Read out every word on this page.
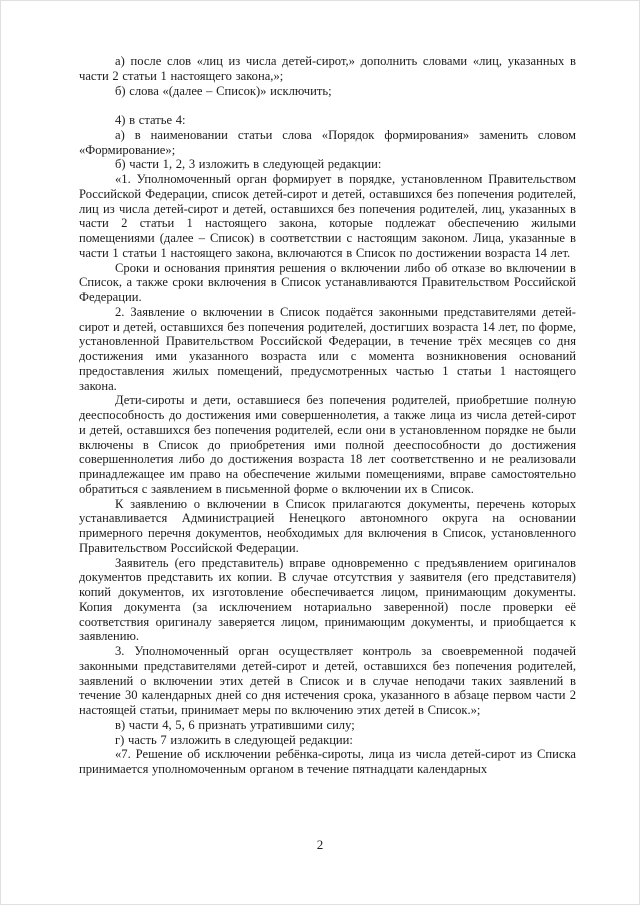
а) после слов «лиц из числа детей-сирот,» дополнить словами «лиц, указанных в части 2 статьи 1 настоящего закона,»;

б) слова «(далее – Список)» исключить;

4) в статье 4:

а) в наименовании статьи слова «Порядок формирования» заменить словом «Формирование»;

б) части 1, 2, 3 изложить в следующей редакции:

«1. Уполномоченный орган формирует в порядке, установленном Правительством Российской Федерации, список детей-сирот и детей, оставшихся без попечения родителей, лиц из числа детей-сирот и детей, оставшихся без попечения родителей, лиц, указанных в части 2 статьи 1 настоящего закона, которые подлежат обеспечению жилыми помещениями (далее – Список) в соответствии с настоящим законом. Лица, указанные в части 1 статьи 1 настоящего закона, включаются в Список по достижении возраста 14 лет.

Сроки и основания принятия решения о включении либо об отказе во включении в Список, а также сроки включения в Список устанавливаются Правительством Российской Федерации.

2. Заявление о включении в Список подаётся законными представителями детей-сирот и детей, оставшихся без попечения родителей, достигших возраста 14 лет, по форме, установленной Правительством Российской Федерации, в течение трёх месяцев со дня достижения ими указанного возраста или с момента возникновения оснований предоставления жилых помещений, предусмотренных частью 1 статьи 1 настоящего закона.

Дети-сироты и дети, оставшиеся без попечения родителей, приобретшие полную дееспособность до достижения ими совершеннолетия, а также лица из числа детей-сирот и детей, оставшихся без попечения родителей, если они в установленном порядке не были включены в Список до приобретения ими полной дееспособности до достижения совершеннолетия либо до достижения возраста 18 лет соответственно и не реализовали принадлежащее им право на обеспечение жилыми помещениями, вправе самостоятельно обратиться с заявлением в письменной форме о включении их в Список.

К заявлению о включении в Список прилагаются документы, перечень которых устанавливается Администрацией Ненецкого автономного округа на основании примерного перечня документов, необходимых для включения в Список, установленного Правительством Российской Федерации.

Заявитель (его представитель) вправе одновременно с предъявлением оригиналов документов представить их копии. В случае отсутствия у заявителя (его представителя) копий документов, их изготовление обеспечивается лицом, принимающим документы. Копия документа (за исключением нотариально заверенной) после проверки её соответствия оригиналу заверяется лицом, принимающим документы, и приобщается к заявлению.

3. Уполномоченный орган осуществляет контроль за своевременной подачей законными представителями детей-сирот и детей, оставшихся без попечения родителей, заявлений о включении этих детей в Список и в случае неподачи таких заявлений в течение 30 календарных дней со дня истечения срока, указанного в абзаце первом части 2 настоящей статьи, принимает меры по включению этих детей в Список.»;

в) части 4, 5, 6 признать утратившими силу;

г) часть 7 изложить в следующей редакции:

«7. Решение об исключении ребёнка-сироты, лица из числа детей-сирот из Списка принимается уполномоченным органом в течение пятнадцати календарных

2
